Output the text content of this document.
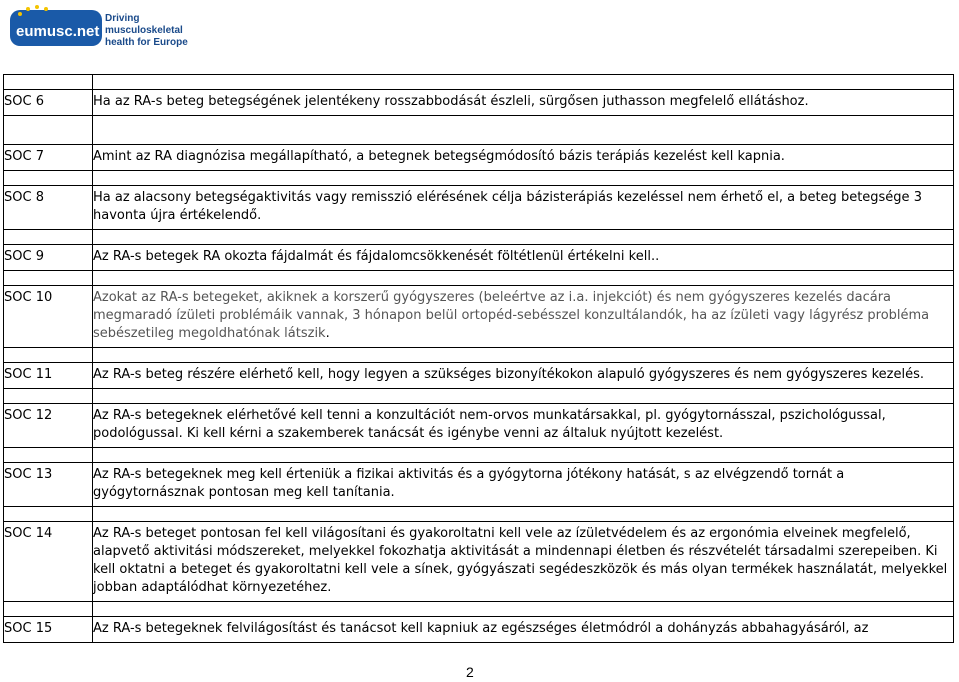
eumusc.net
Driving musculoskeletal
health for Europe

SOC 6	Ha az RA-s beteg betegségének jelentékeny rosszabbodását észleli, sürgősen juthasson megfelelő ellátáshoz.

SOC 7	Amint az RA diagnózisa megállapítható, a betegnek betegségmódosító bázis terápiás kezelést kell kapnia.

SOC 8	Ha az alacsony betegségaktivitás vagy remisszió elérésének célja bázisterápiás kezeléssel nem érhető el, a beteg betegsége 3 havonta újra értékelendő.

SOC 9	Az RA-s betegek RA okozta fájdalmát és fájdalomcsökkenését föltétlenül értékelni kell..

SOC 10	Azokat az RA-s betegeket, akiknek a korszerű gyógyszeres (beleértve az i.a. injekciót) és nem gyógyszeres kezelés dacára megmaradó ízületi problémáik vannak, 3 hónapon belül ortopéd-sebésszel konzultálandók, ha az ízületi vagy lágyrész probléma sebészetileg megoldhatónak látszik.

SOC 11	Az RA-s beteg részére elérhető kell, hogy legyen a szükséges bizonyítékokon alapuló gyógyszeres és nem gyógyszeres kezelés.

SOC 12	Az RA-s betegeknek elérhetővé kell tenni a konzultációt nem-orvos munkatársakkal, pl. gyógytornásszal, pszichológussal, podológussal. Ki kell kérni a szakemberek tanácsát és igénybe venni az általuk nyújtott kezelést.

SOC 13	Az RA-s betegeknek meg kell érteniük a fizikai aktivitás és a gyógytorna jótékony hatását, s az elvégzendő tornát a gyógytornásznak pontosan meg kell tanítania.

SOC 14	Az RA-s beteget pontosan fel kell világosítani és gyakoroltatni kell vele az ízületvédelem és az ergonómia elveinek megfelelő, alapvető aktivitási módszereket, melyekkel fokozhatja aktivitását a mindennapi életben és részvételét társadalmi szerepeiben. Ki kell oktatni a beteget és gyakoroltatni kell vele a sínek, gyógyászati segédeszközök és más olyan termékek használatát, melyekkel jobban adaptálódhat környezetéhez.

SOC 15	Az RA-s betegeknek felvilágosítást és tanácsot kell kapniuk az egészséges életmódról a dohányzás abbahagyásáról, az
2
